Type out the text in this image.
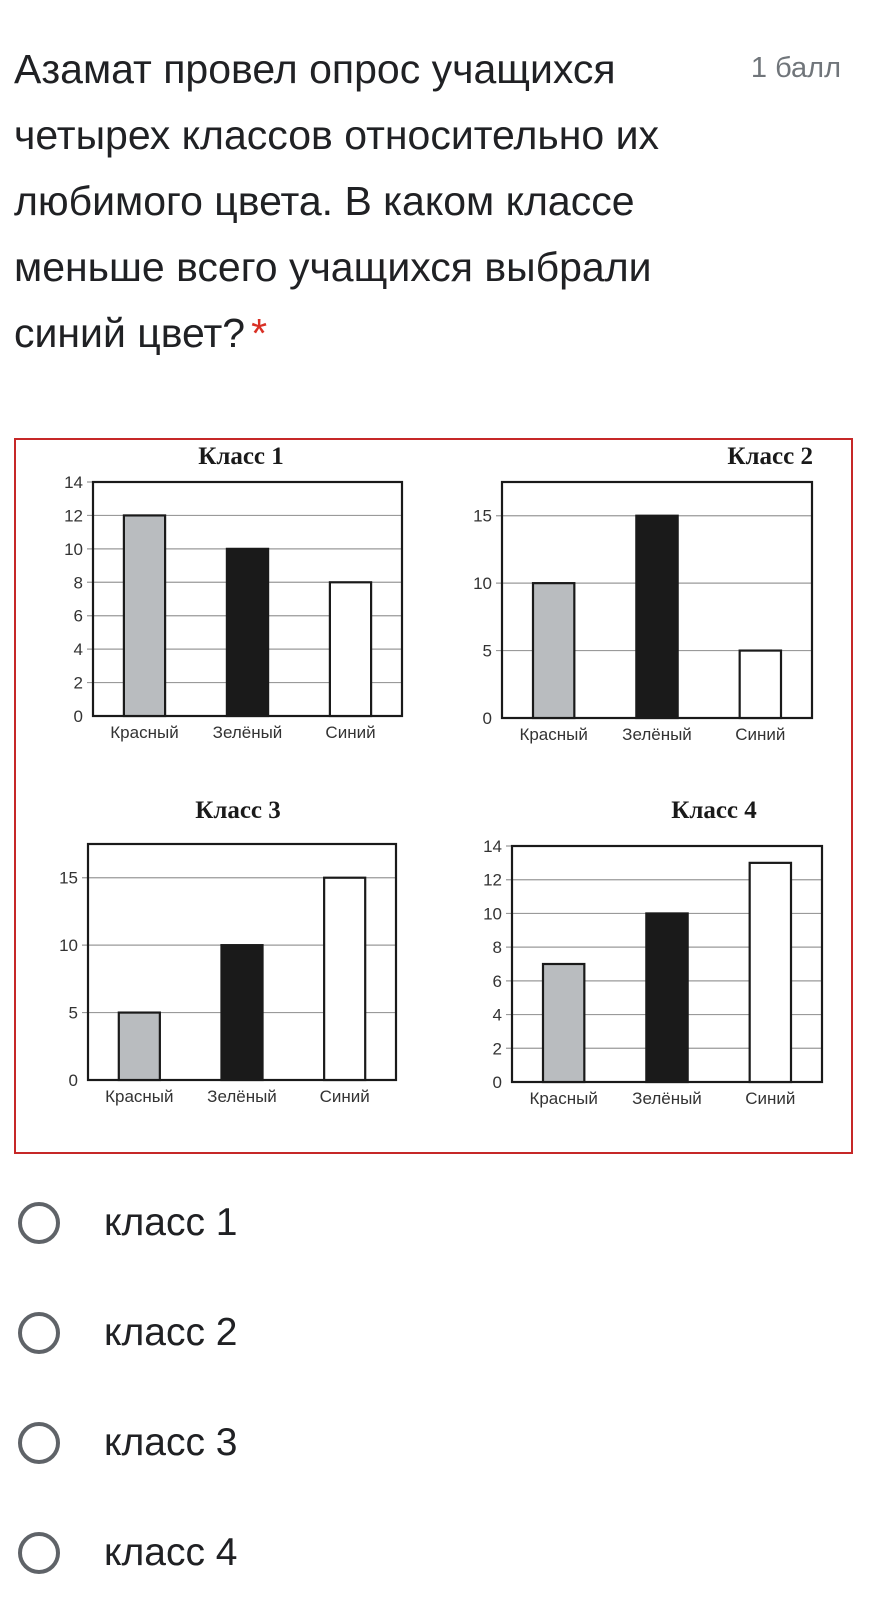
Азамат провел опрос учащихся четырех классов относительно их любимого цвета. В каком классе меньше всего учащихся выбрали синий цвет? *
1 балл
Класс 1
0
2
4
6
8
10
12
14
Красный Зелёный	Синий
Класс 2
0
5
10
15
Красный Зелёный	Синий
Класс 3
0
5
10
15
Красный Зелёный	Синий
Класс 4
0
2
4
6
8
10
12
14
Красный Зелёный	Синий
класс 1
класс 2
класс 3
класс 4
